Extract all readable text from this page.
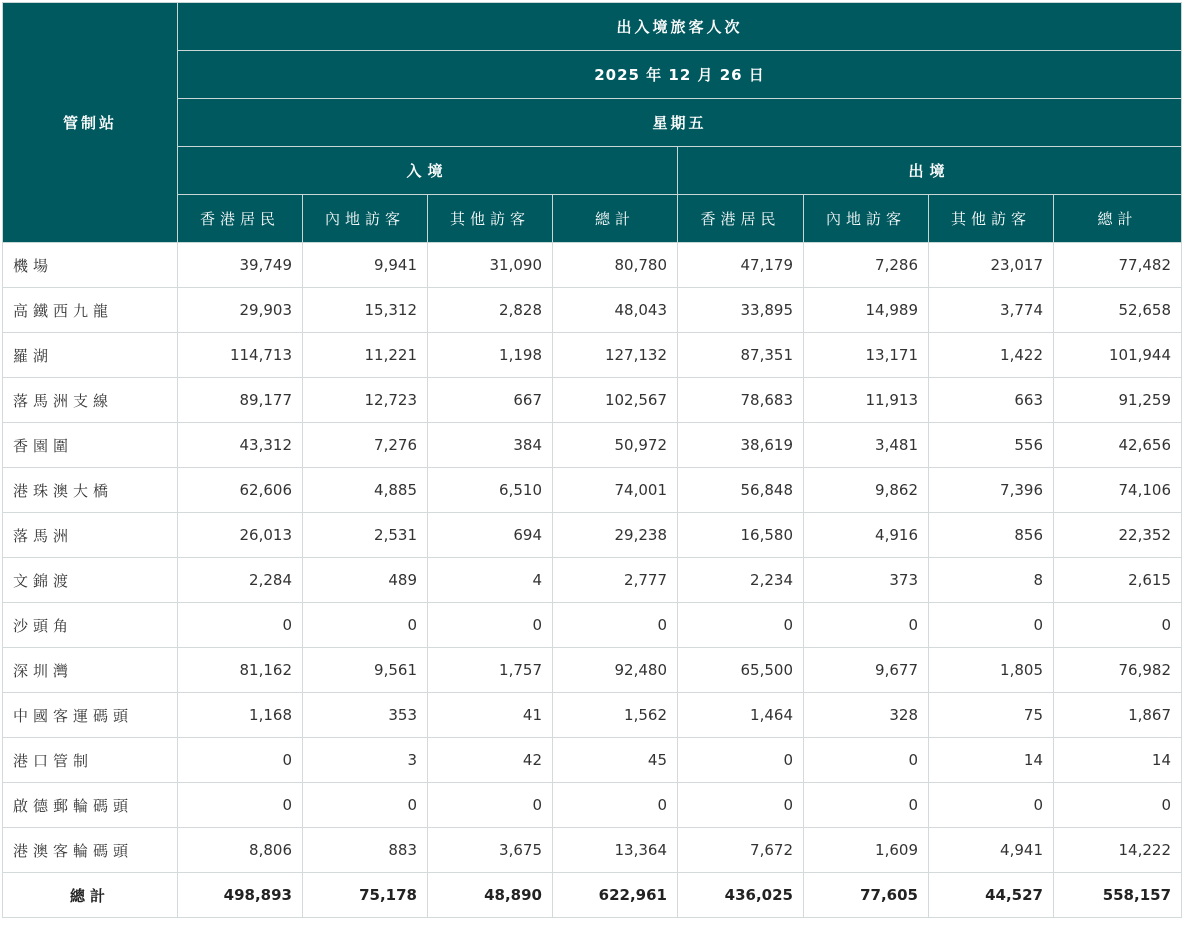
管制站	出入境旅客人次							
	2025 年 12 月 26 日							
	星期五							
	入境				出境			
	香港居民	內地訪客	其他訪客	總計	香港居民	內地訪客	其他訪客	總計
機場	39,749	9,941	31,090	80,780	47,179	7,286	23,017	77,482
高鐵西九龍	29,903	15,312	2,828	48,043	33,895	14,989	3,774	52,658
羅湖	114,713	11,221	1,198	127,132	87,351	13,171	1,422	101,944
落馬洲支線	89,177	12,723	667	102,567	78,683	11,913	663	91,259
香園圍	43,312	7,276	384	50,972	38,619	3,481	556	42,656
港珠澳大橋	62,606	4,885	6,510	74,001	56,848	9,862	7,396	74,106
落馬洲	26,013	2,531	694	29,238	16,580	4,916	856	22,352
文錦渡	2,284	489	4	2,777	2,234	373	8	2,615
沙頭角	0	0	0	0	0	0	0	0
深圳灣	81,162	9,561	1,757	92,480	65,500	9,677	1,805	76,982
中國客運碼頭	1,168	353	41	1,562	1,464	328	75	1,867
港口管制	0	3	42	45	0	0	14	14
啟德郵輪碼頭	0	0	0	0	0	0	0	0
港澳客輪碼頭	8,806	883	3,675	13,364	7,672	1,609	4,941	14,222
總計	498,893	75,178	48,890	622,961	436,025	77,605	44,527	558,157
